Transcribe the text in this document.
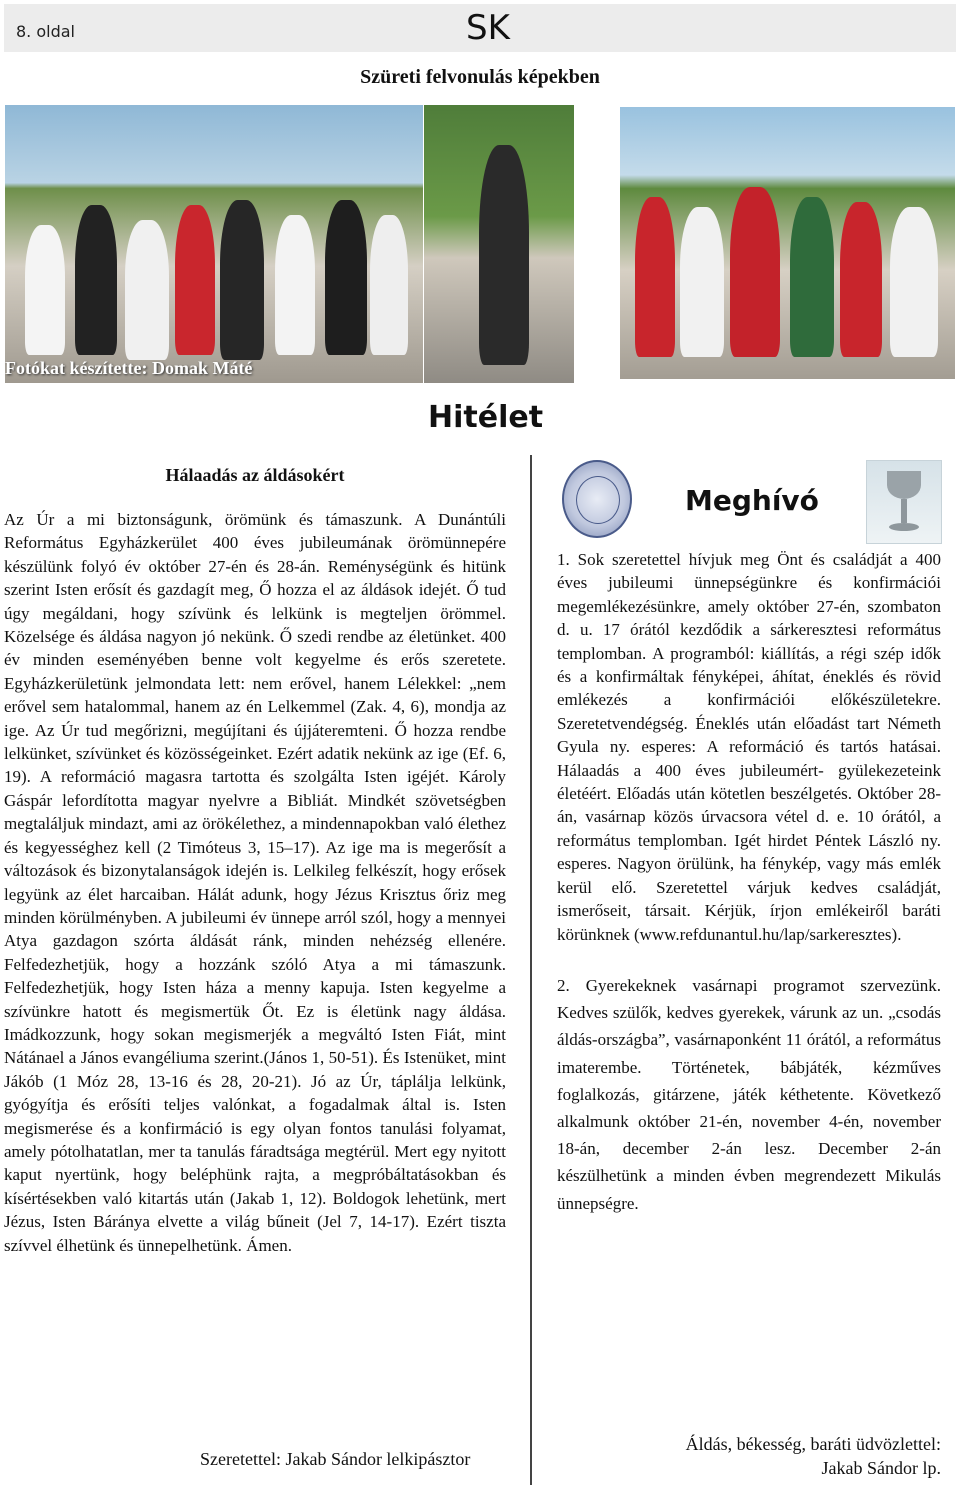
8. oldal	SK
Szüreti felvonulás képekben
Fotókat készítette: Domak Máté
Hitélet
Hálaadás az áldásokért

Az Úr a mi biztonságunk, örömünk és támaszunk. A Dunántúli Református Egyházkerület 400 éves jubileumának örömünnepére készülünk folyó év október 27-én és 28-án. Reménységünk és hitünk szerint Isten erősít és gazdagít meg, Ő hozza el az áldások idejét. Ő tud úgy megáldani, hogy szívünk és lelkünk is megteljen örömmel. Közelsége és áldása nagyon jó nekünk. Ő szedi rendbe az életünket. 400 év minden eseményében benne volt kegyelme és erős szeretete. Egyházkerületünk jelmondata lett: nem erővel, hanem Lélekkel: „nem erővel sem hatalommal, hanem az én Lelkemmel (Zak. 4, 6), mondja az ige. Az Úr tud megőrizni, megújítani és újjáteremteni. Ő hozza rendbe lelkünket, szívünket és közösségeinket. Ezért adatik nekünk az ige (Ef. 6, 19). A reformáció magasra tartotta és szolgálta Isten igéjét. Károly Gáspár lefordította magyar nyelvre a Bibliát. Mindkét szövetségben megtaláljuk mindazt, ami az örökélethez, a mindennapokban való élethez és kegyességhez kell (2 Timóteus 3, 15–17). Az ige ma is megerősít a változások és bizonytalanságok idején is. Lelkileg felkészít, hogy erősek legyünk az élet harcaiban. Hálát adunk, hogy Jézus Krisztus őriz meg minden körülményben. A jubileumi év ünnepe arról szól, hogy a mennyei Atya gazdagon szórta áldását ránk, minden nehézség ellenére. Felfedezhetjük, hogy a hozzánk szóló Atya a mi támaszunk. Felfedezhetjük, hogy Isten háza a menny kapuja. Isten kegyelme a szívünkre hatott és megismertük Őt. Ez is életünk nagy áldása. Imádkozzunk, hogy sokan megismerjék a megváltó Isten Fiát, mint Nátánael a János evangéliuma szerint.(János 1, 50-51). És Istenüket, mint Jákób (1 Móz 28, 13-16 és 28, 20-21). Jó az Úr, táplálja lelkünk, gyógyítja és erősíti teljes valónkat, a fogadalmak által is. Isten megismerése és a konfirmáció is egy olyan fontos tanulási folyamat, amely pótolhatatlan, mer ta tanulás fáradtsága megtérül. Mert egy nyitott kaput nyertünk, hogy beléphünk rajta, a megpróbáltatásokban és kísértésekben való kitartás után (Jakab 1, 12). Boldogok lehetünk, mert Jézus, Isten Báránya elvette a világ bűneit (Jel 7, 14-17). Ezért tiszta szívvel élhetünk és ünnepelhetünk. Ámen.

Szeretettel: Jakab Sándor lelkipásztor
Meghívó

1. Sok szeretettel hívjuk meg Önt és családját a 400 éves jubileumi ünnepségünkre és konfirmációi megemlékezésünkre, amely október 27-én, szombaton d. u. 17 órától kezdődik a sárkeresztesi református templomban. A programból: kiállítás, a régi szép idők és a konfirmáltak fényképei, áhítat, éneklés és rövid emlékezés a konfirmációi előkészületekre. Szeretetvendégség. Éneklés után előadást tart Németh Gyula ny. esperes: A reformáció és tartós hatásai. Hálaadás a 400 éves jubileumért- gyülekezeteink életéért. Előadás után kötetlen beszélgetés. Október 28-án, vasárnap közös úrvacsora vétel d. e. 10 órától, a református templomban. Igét hirdet Péntek László ny. esperes. Nagyon örülünk, ha fénykép, vagy más emlék kerül elő. Szeretettel várjuk kedves családját, ismerőseit, társait. Kérjük, írjon emlékeiről baráti körünknek (www.refdunantul.hu/lap/sarkeresztes).

2. Gyerekeknek vasárnapi programot szervezünk. Kedves szülők, kedves gyerekek, várunk az un. „csodás áldás-országba”, vasárnaponként 11 órától, a református imaterembe. Történetek, bábjáték, kézműves foglalkozás, gitárzene, játék kéthetente. Következő alkalmunk október 21-én, november 4-én, november 18-án, december 2-án lesz. December 2-án készülhetünk a minden évben megrendezett Mikulás ünnepségre.

Áldás, békesség, baráti üdvözlettel:
Jakab Sándor lp.
